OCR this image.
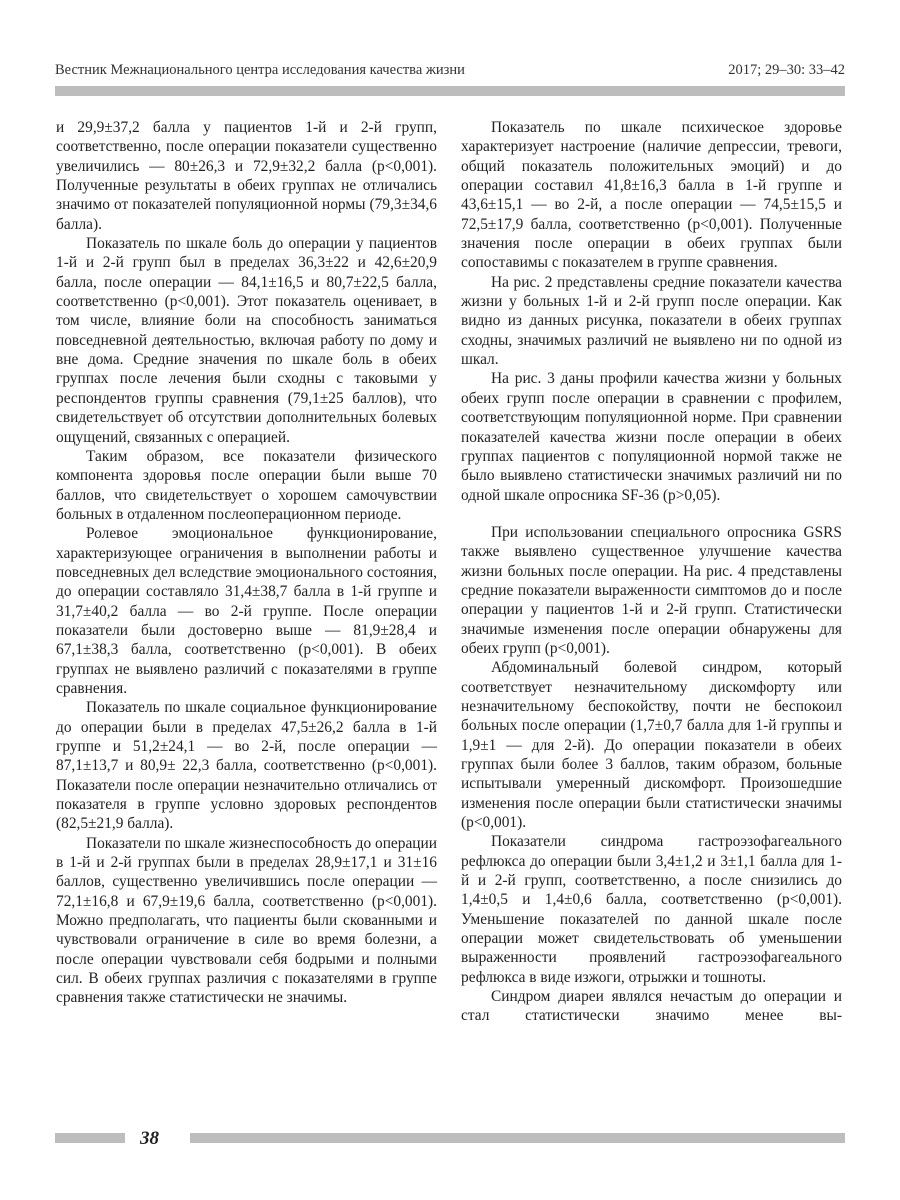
Вестник Межнационального центра исследования качества жизни	2017; 29–30: 33–42

и 29,9±37,2 балла у пациентов 1-й и 2-й групп, соответственно, после операции показатели существенно увеличились — 80±26,3 и 72,9±32,2 балла (p<0,001). Полученные результаты в обеих группах не отличались значимо от показателей популяционной нормы (79,3±34,6 балла).

Показатель по шкале боль до операции у пациентов 1-й и 2-й групп был в пределах 36,3±22 и 42,6±20,9 балла, после операции — 84,1±16,5 и 80,7±22,5 балла, соответственно (p<0,001). Этот показатель оценивает, в том числе, влияние боли на способность заниматься повседневной деятельностью, включая работу по дому и вне дома. Средние значения по шкале боль в обеих группах после лечения были сходны с таковыми у респондентов группы сравнения (79,1±25 баллов), что свидетельствует об отсутствии дополнительных болевых ощущений, связанных с операцией.

Таким образом, все показатели физического компонента здоровья после операции были выше 70 баллов, что свидетельствует о хорошем самочувствии больных в отдаленном послеоперационном периоде.

Ролевое эмоциональное функционирование, характеризующее ограничения в выполнении работы и повседневных дел вследствие эмоционального состояния, до операции составляло 31,4±38,7 балла в 1-й группе и 31,7±40,2 балла — во 2-й группе. После операции показатели были достоверно выше — 81,9±28,4 и 67,1±38,3 балла, соответственно (p<0,001). В обеих группах не выявлено различий с показателями в группе сравнения.

Показатель по шкале социальное функционирование до операции были в пределах 47,5±26,2 балла в 1-й группе и 51,2±24,1 — во 2-й, после операции — 87,1±13,7 и 80,9± 22,3 балла, соответственно (p<0,001). Показатели после операции незначительно отличались от показателя в группе условно здоровых респондентов (82,5±21,9 балла).

Показатели по шкале жизнеспособность до операции в 1-й и 2-й группах были в пределах 28,9±17,1 и 31±16 баллов, существенно увеличившись после операции — 72,1±16,8 и 67,9±19,6 балла, соответственно (p<0,001). Можно предполагать, что пациенты были скованными и чувствовали ограничение в силе во время болезни, а после операции чувствовали себя бодрыми и полными сил. В обеих группах различия с показателями в группе сравнения также статистически не значимы.

Показатель по шкале психическое здоровье характеризует настроение (наличие депрессии, тревоги, общий показатель положительных эмоций) и до операции составил 41,8±16,3 балла в 1-й группе и 43,6±15,1 — во 2-й, а после операции — 74,5±15,5 и 72,5±17,9 балла, соответственно (p<0,001). Полученные значения после операции в обеих группах были сопоставимы с показателем в группе сравнения.

На рис. 2 представлены средние показатели качества жизни у больных 1-й и 2-й групп после операции. Как видно из данных рисунка, показатели в обеих группах сходны, значимых различий не выявлено ни по одной из шкал.

На рис. 3 даны профили качества жизни у больных обеих групп после операции в сравнении с профилем, соответствующим популяционной норме. При сравнении показателей качества жизни после операции в обеих группах пациентов с популяционной нормой также не было выявлено статистически значимых различий ни по одной шкале опросника SF-36 (p>0,05).

При использовании специального опросника GSRS также выявлено существенное улучшение качества жизни больных после операции. На рис. 4 представлены средние показатели выраженности симптомов до и после операции у пациентов 1-й и 2-й групп. Статистически значимые изменения после операции обнаружены для обеих групп (p<0,001).

Абдоминальный болевой синдром, который соответствует незначительному дискомфорту или незначительному беспокойству, почти не беспокоил больных после операции (1,7±0,7 балла для 1-й группы и 1,9±1 — для 2-й). До операции показатели в обеих группах были более 3 баллов, таким образом, больные испытывали умеренный дискомфорт. Произошедшие изменения после операции были статистически значимы (p<0,001).

Показатели синдрома гастроэзофагеального рефлюкса до операции были 3,4±1,2 и 3±1,1 балла для 1-й и 2-й групп, соответственно, а после снизились до 1,4±0,5 и 1,4±0,6 балла, соответственно (p<0,001). Уменьшение показателей по данной шкале после операции может свидетельствовать об уменьшении выраженности проявлений гастроэзофагеального рефлюкса в виде изжоги, отрыжки и тошноты.

Синдром диареи являлся нечастым до операции и стал статистически значимо менее вы-

38
